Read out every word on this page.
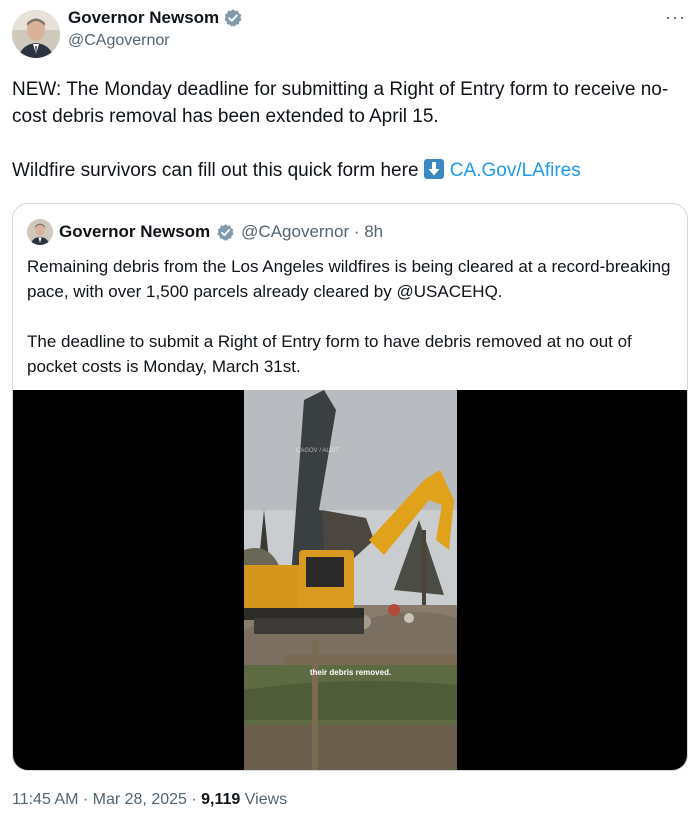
Governor Newsom
@CAgovernor
···

NEW: The Monday deadline for submitting a Right of Entry form to receive no-cost debris removal has been extended to April 15.

Wildfire survivors can fill out this quick form here CA.Gov/LAfires

Governor Newsom @CAgovernor · 8h

Remaining debris from the Los Angeles wildfires is being cleared at a record-breaking pace, with over 1,500 parcels already cleared by @USACEHQ.

The deadline to submit a Right of Entry form to have debris removed at no out of pocket costs is Monday, March 31st.

CAGOV / ALIST
their debris removed.
11:45 AM · Mar 28, 2025 · 9,119 Views
